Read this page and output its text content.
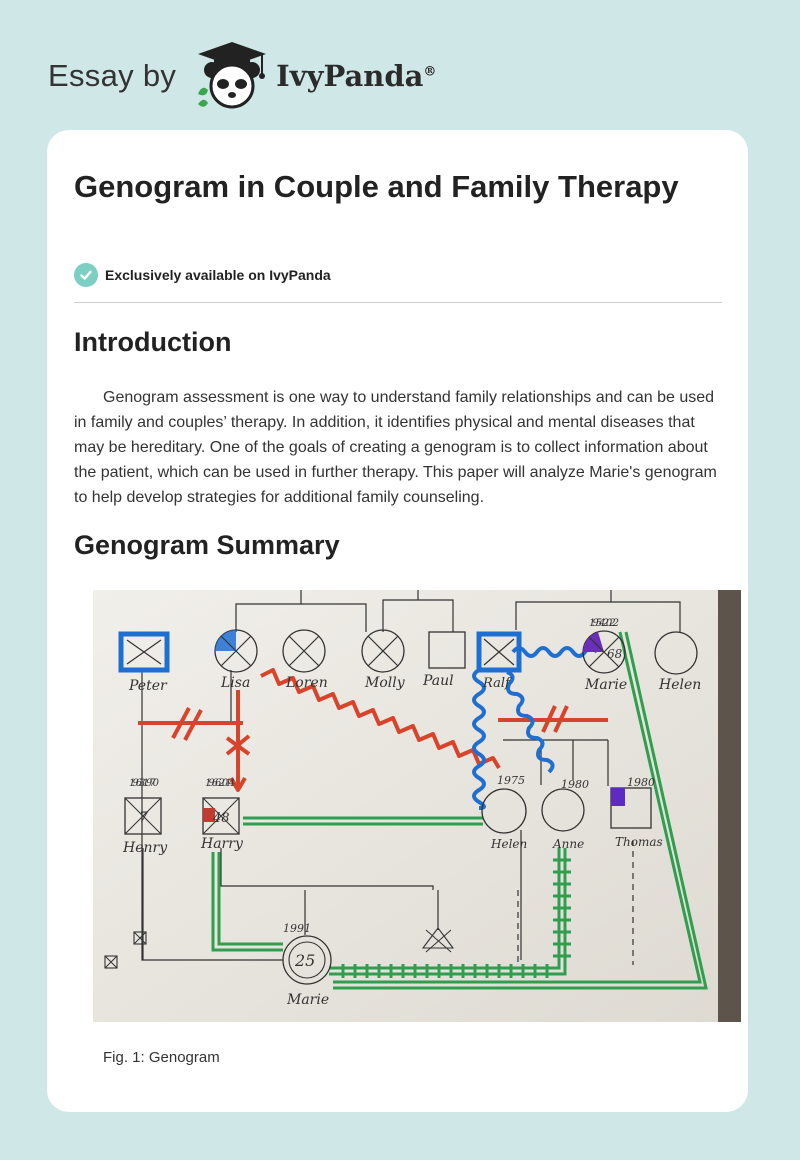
Essay by	IvyPanda®
Genogram in Couple and Family Therapy
Exclusively available on IvyPanda
Introduction

Genogram assessment is one way to understand family relationships and can be used in family and couples’ therapy. In addition, it identifies physical and mental diseases that may be hereditary. One of the goals of creating a genogram is to collect information about the patient, which can be used in further therapy. This paper will analyze Marie's genogram to help develop strategies for additional family counseling.

Genogram Summary
Peter	Lisa	Loren	Molly Paul Ralf	Marie Helen
Henry Harry	Helen Anne	Thomas
Marie
1963 1970	1966 2014
1954 2022
1975	1980	1980
1991
7	48
68
25
Fig. 1: Genogram
